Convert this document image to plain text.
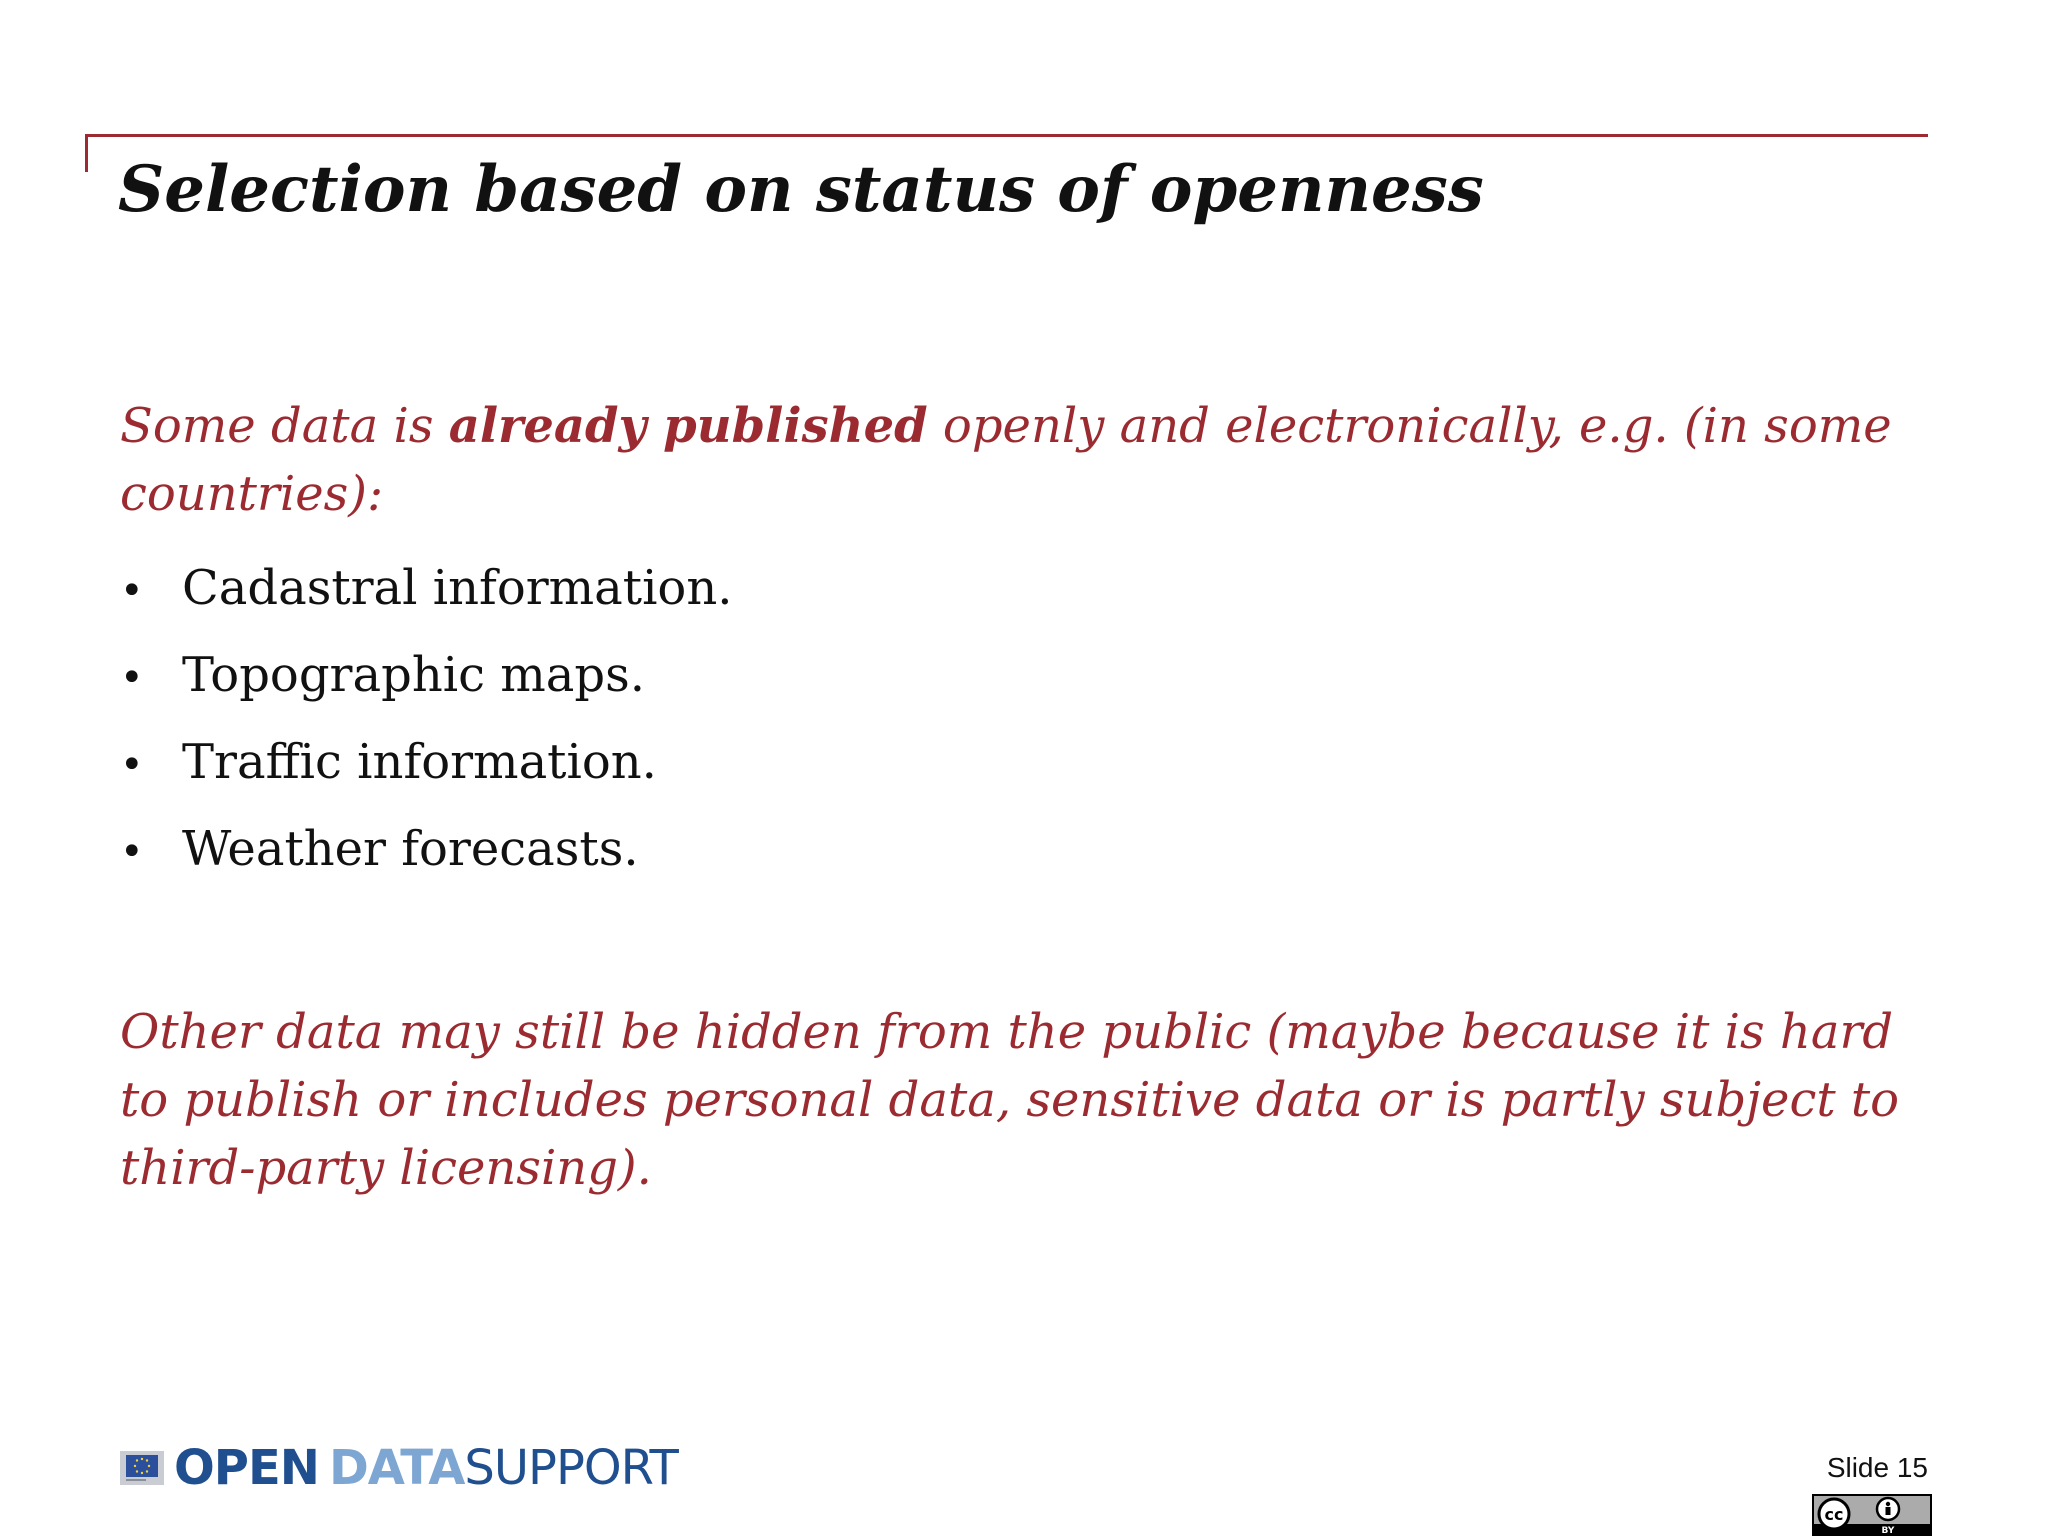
Selection based on status of openness

Some data is already published openly and electronically, e.g. (in some countries):

• Cadastral information.
• Topographic maps.
• Traffic information.
• Weather forecasts.

Other data may still be hidden from the public (maybe because it is hard to publish or includes personal data, sensitive data or is partly subject to third-party licensing).

OPEN DATASUPPORT	Slide 15
cc
BY
